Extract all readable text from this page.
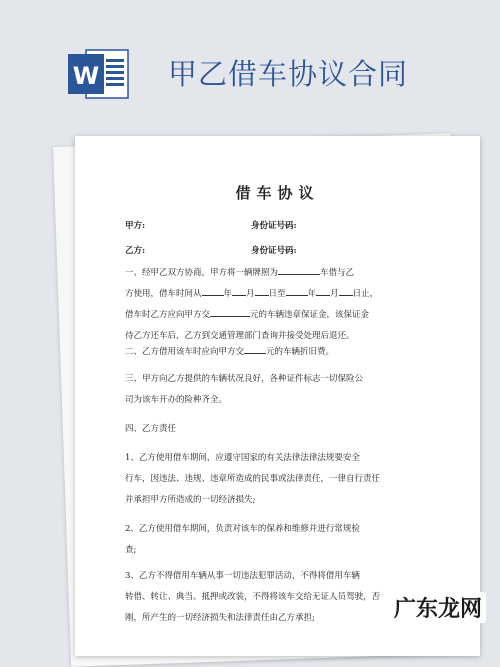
W 甲乙借车协议合同
借车协议
甲方:	身份证号码:
乙方:	身份证号码:
一、经甲乙双方协商，甲方将一辆牌照为	车借与乙
方使用，借车时间从	年 月 日至	年 月 日止，
借车时乙方应向甲方交	元的车辆违章保证金，该保证金
待乙方还车后，乙方到交通管理部门查询并接受处理后退还。
二、乙方借用该车时应向甲方交	元的车辆折旧费。
三、甲方向乙方提供的车辆状况良好，各种证件标志一切保险公
司为该车开办的险种齐全。
四、乙方责任
1、乙方使用借车期间，应遵守国家的有关法律法律法规要安全
行车，因违法、违规、违章所造成的民事或法律责任，一律自行责任
并承担甲方所造成的一切经济损失;
2、乙方使用借车期间，负责对该车的保养和维修并进行常规检
查;
3、乙方不得借用车辆从事一切违法犯罪活动，不得将借用车辆
转借、转让、典当、抵押或改装，不得将该车交给无证人员驾驶，否
刚，所产生的一切经济损失和法律责任由乙方承担;	广东龙网
